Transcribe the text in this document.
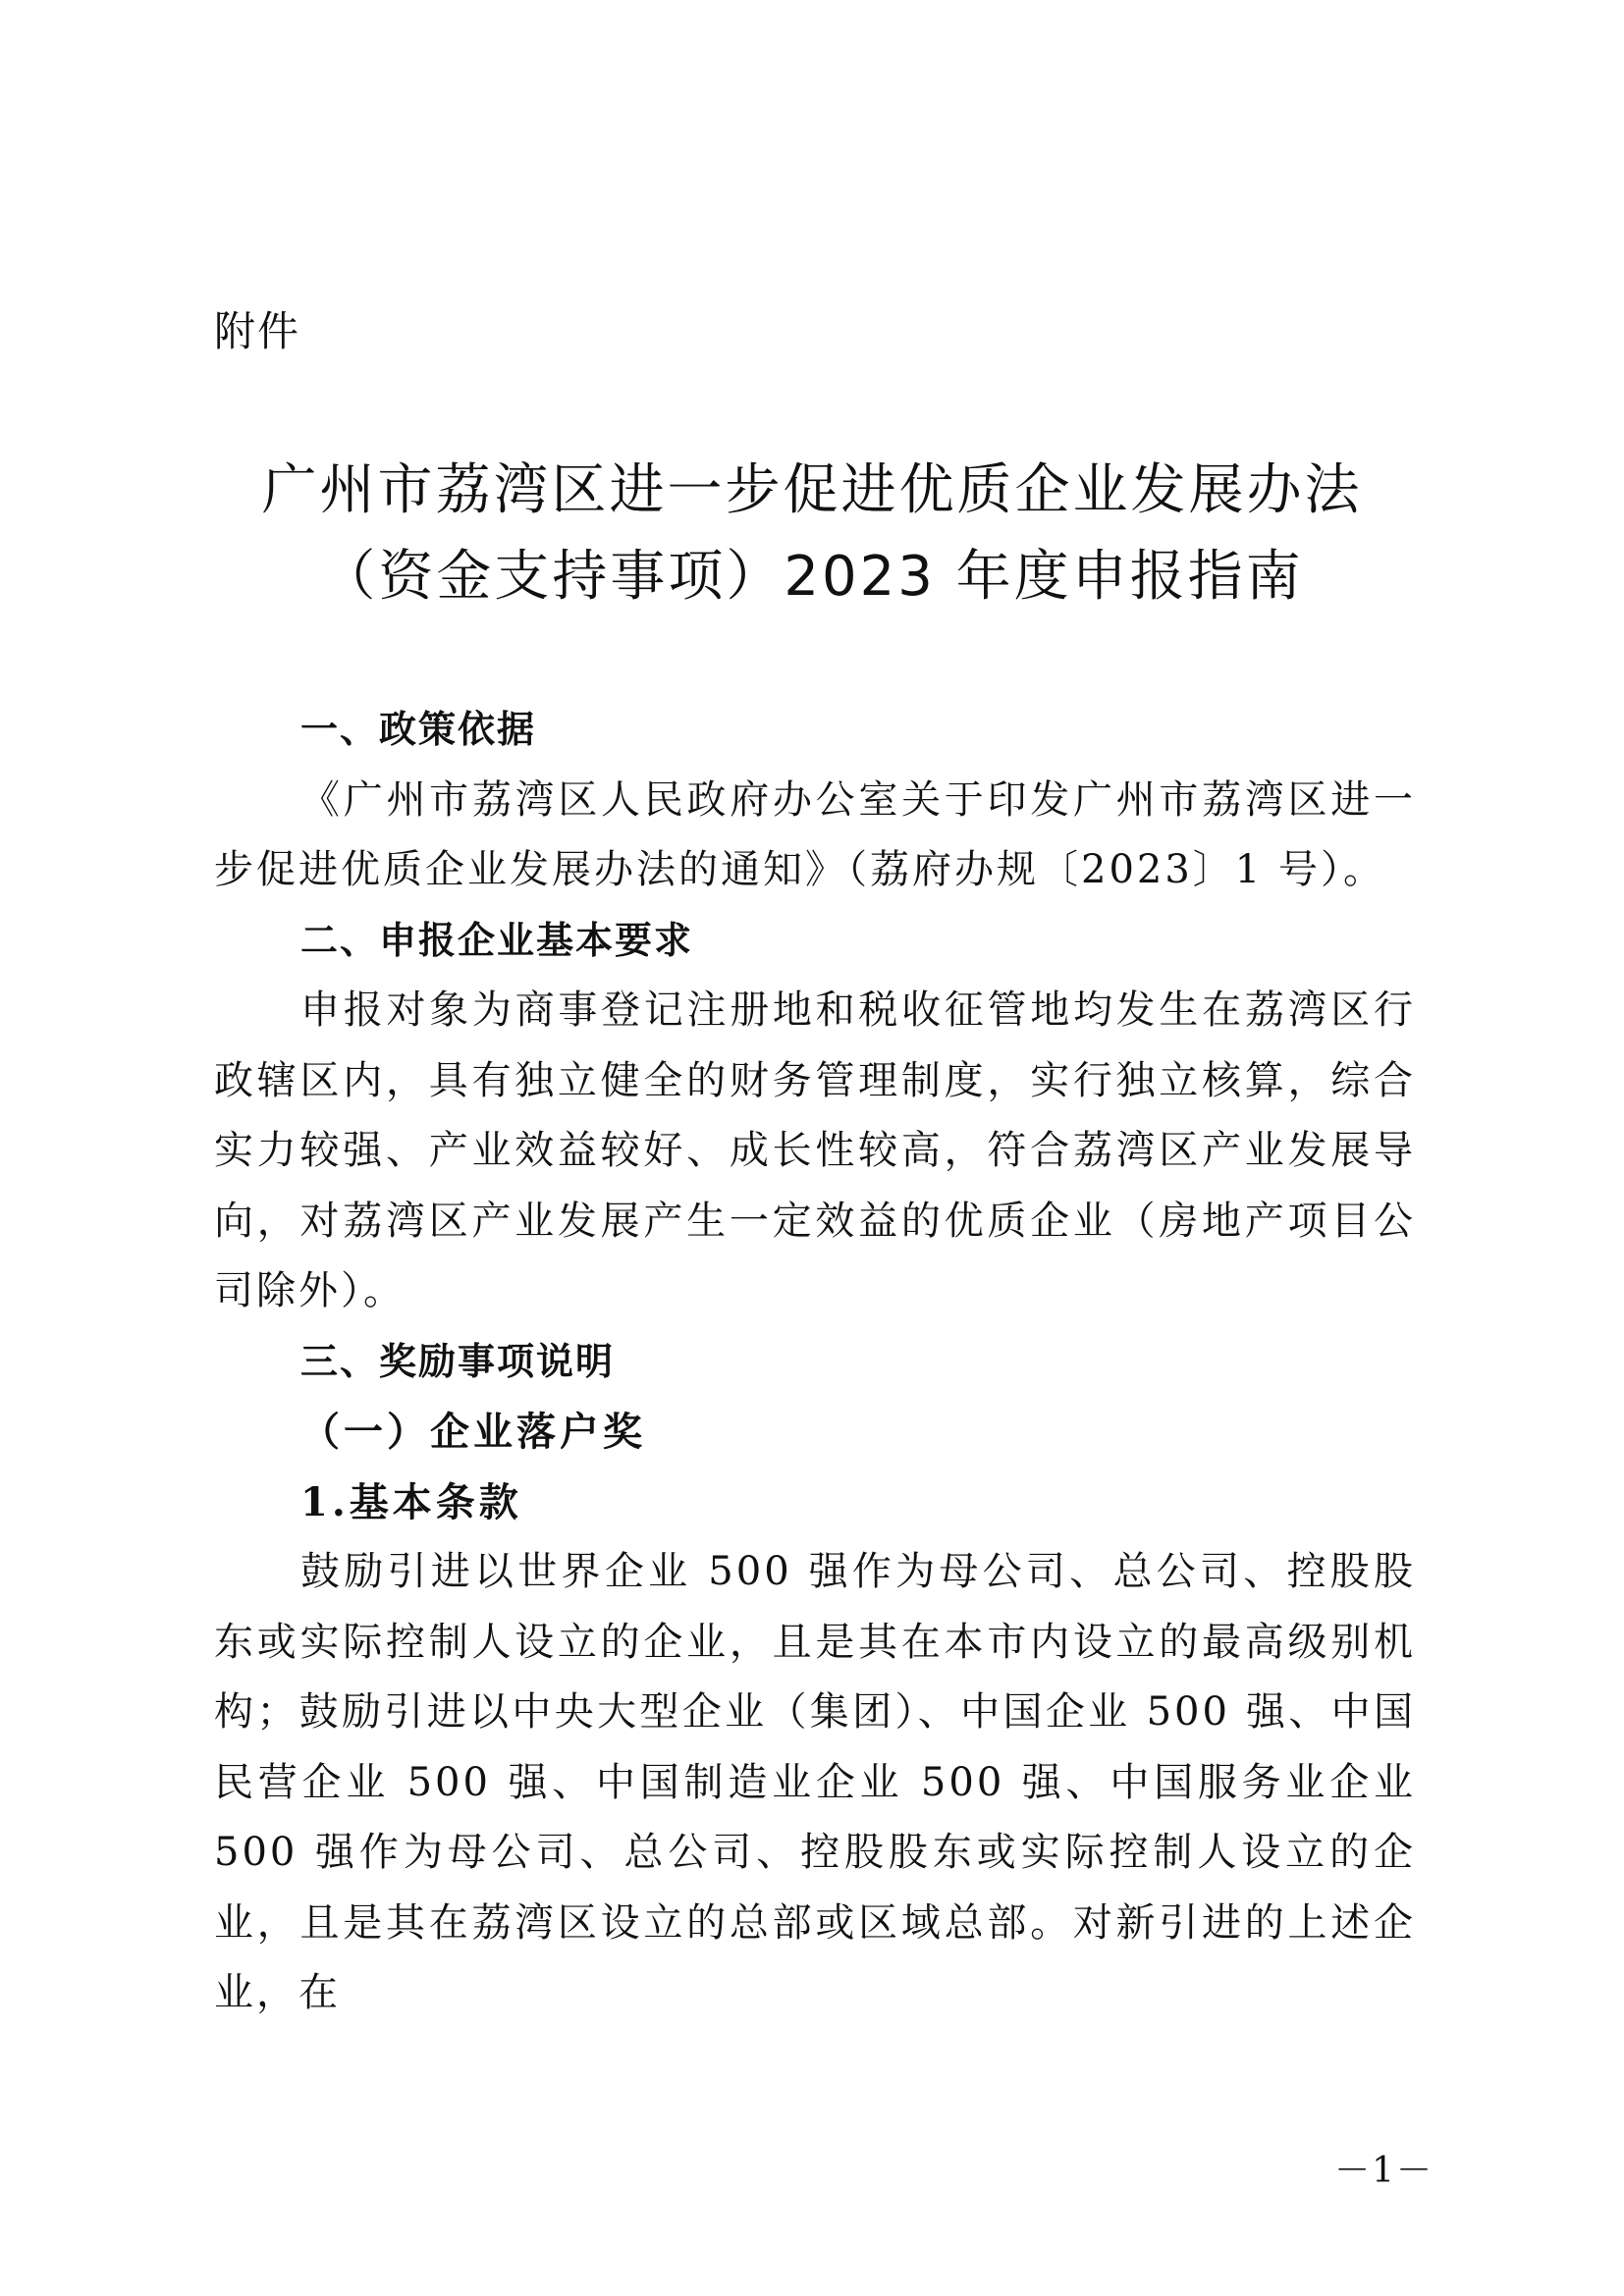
附件
广州市荔湾区进一步促进优质企业发展办法
（资金支持事项）2023 年度申报指南

一、政策依据

《广州市荔湾区人民政府办公室关于印发广州市荔湾区进一步促进优质企业发展办法的通知》（荔府办规〔2023〕1 号）。

二、申报企业基本要求

申报对象为商事登记注册地和税收征管地均发生在荔湾区行政辖区内，具有独立健全的财务管理制度，实行独立核算，综合实力较强、产业效益较好、成长性较高，符合荔湾区产业发展导向，对荔湾区产业发展产生一定效益的优质企业（房地产项目公司除外）。

三、奖励事项说明

（一）企业落户奖

1.基本条款

鼓励引进以世界企业 500 强作为母公司、总公司、控股股东或实际控制人设立的企业，且是其在本市内设立的最高级别机构；鼓励引进以中央大型企业（集团）、中国企业 500 强、中国民营企业 500 强、中国制造业企业 500 强、中国服务业企业 500 强作为母公司、总公司、控股股东或实际控制人设立的企业，且是其在荔湾区设立的总部或区域总部。对新引进的上述企业，在

－1－
